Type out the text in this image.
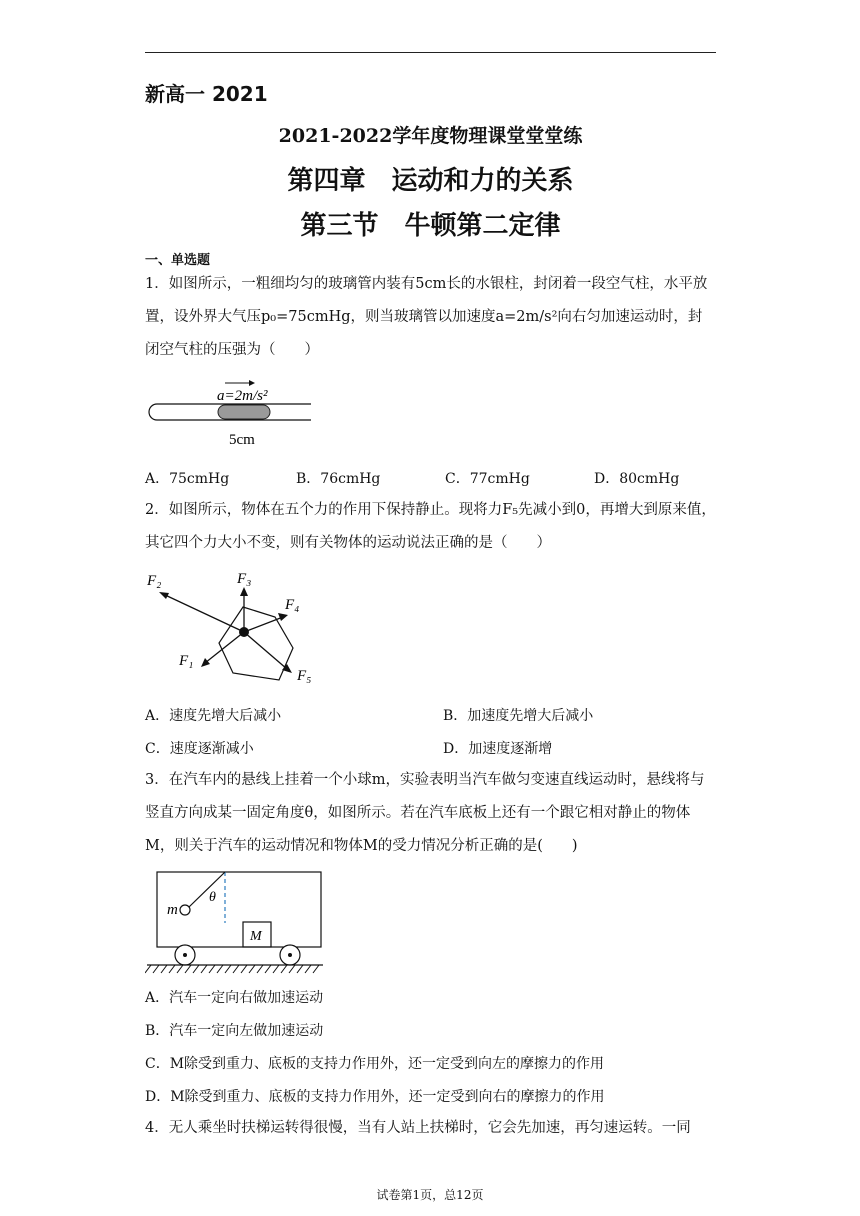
新高一 2021
2021-2022学年度物理课堂堂堂练
第四章　运动和力的关系
第三节　牛顿第二定律
一、单选题
1．如图所示，一粗细均匀的玻璃管内装有5cm长的水银柱，封闭着一段空气柱，水平放置，设外界大气压p₀=75cmHg，则当玻璃管以加速度a=2m/s²向右匀加速运动时，封闭空气柱的压强为（　　）
a=2m/s²
5cm
A．75cmHg	B．76cmHg	C．77cmHg	D．80cmHg
2．如图所示，物体在五个力的作用下保持静止。现将力F₅先减小到0，再增大到原来值，其它四个力大小不变，则有关物体的运动说法正确的是（　　）
F₂	F₃
F₄
F₁
F₅
A．速度先增大后减小	B．加速度先增大后减小
C．速度逐渐减小	D．加速度逐渐增
3．在汽车内的悬线上挂着一个小球m，实验表明当汽车做匀变速直线运动时，悬线将与竖直方向成某一固定角度θ，如图所示。若在汽车底板上还有一个跟它相对静止的物体M，则关于汽车的运动情况和物体M的受力情况分析正确的是(　　)
m
θ
M
A．汽车一定向右做加速运动
B．汽车一定向左做加速运动
C．M除受到重力、底板的支持力作用外，还一定受到向左的摩擦力的作用
D．M除受到重力、底板的支持力作用外，还一定受到向右的摩擦力的作用
4．无人乘坐时扶梯运转得很慢，当有人站上扶梯时，它会先加速，再匀速运转。一同
试卷第1页，总12页
